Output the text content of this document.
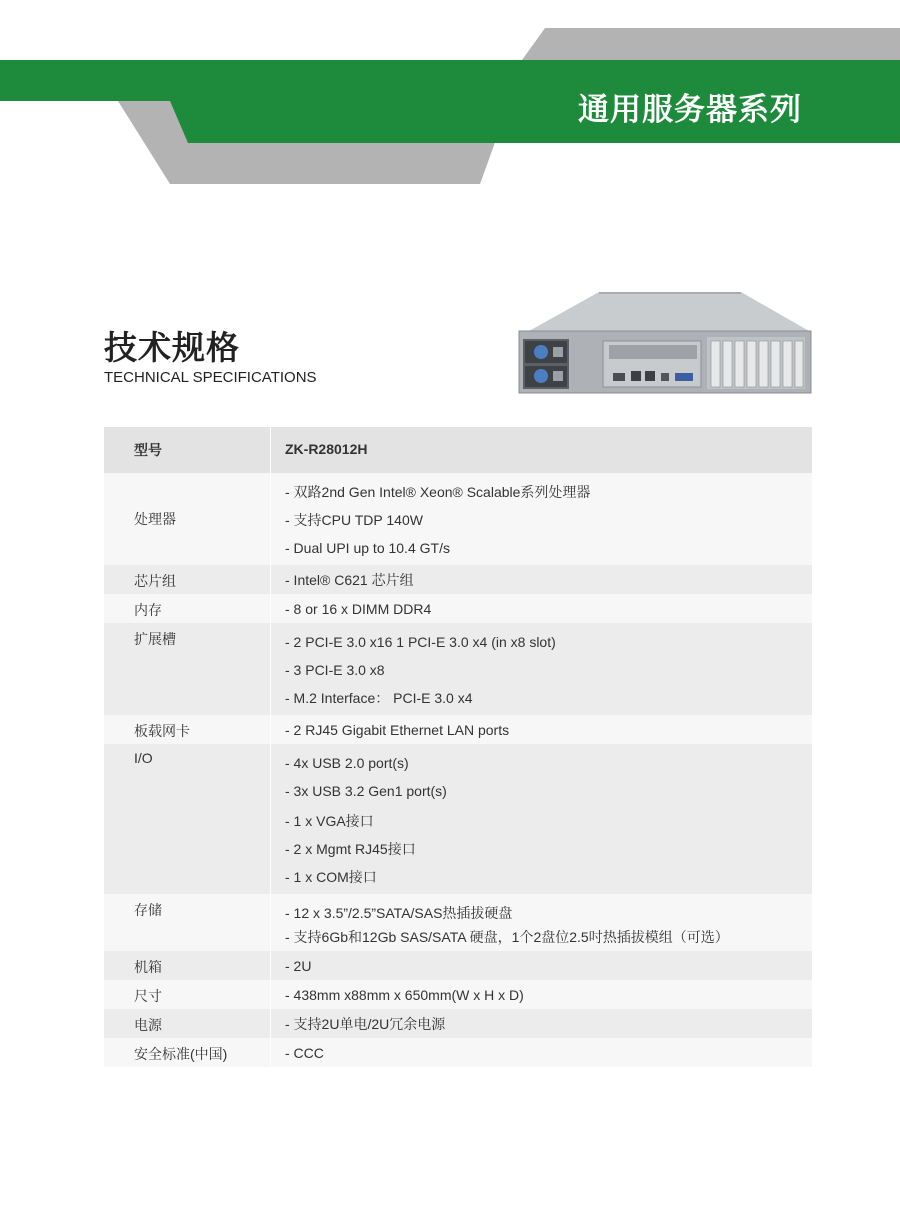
通用服务器系列
技术规格
TECHNICAL SPECIFICATIONS
型号	ZK-R28012H
处理器	- 双路2nd Gen Intel® Xeon® Scalable系列处理器
- 支持CPU TDP 140W
- Dual UPI up to 10.4 GT/s

芯片组	- Intel® C621 芯片组

内存	- 8 or 16 x DIMM DDR4

扩展槽	- 2 PCI-E 3.0 x16 1 PCI-E 3.0 x4 (in x8 slot)
- 3 PCI-E 3.0 x8
- M.2 Interface： PCI-E 3.0 x4

板载网卡	- 2 RJ45 Gigabit Ethernet LAN ports

I/O	- 4x USB 2.0 port(s)
- 3x USB 3.2 Gen1 port(s)
- 1 x VGA接口
- 2 x Mgmt RJ45接口
- 1 x COM接口

存储	- 12 x 3.5”/2.5”SATA/SAS热插拔硬盘
- 支持6Gb和12Gb SAS/SATA 硬盘，1个2盘位2.5吋热插拔模组（可选）

机箱	- 2U

尺寸	- 438mm x88mm x 650mm(W x H x D)

电源	- 支持2U单电/2U冗余电源

安全标准(中国)	- CCC
